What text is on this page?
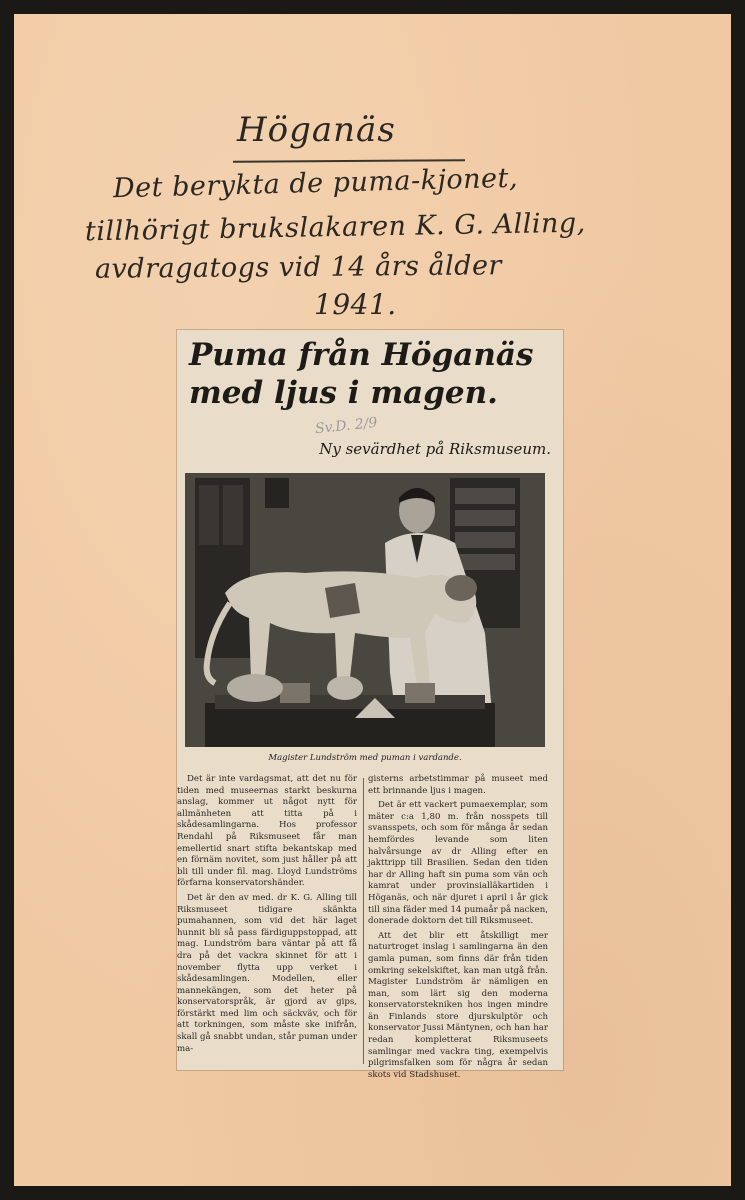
Höganäs
Det berykta de puma-kjonet,
tillhörigt brukslakaren K. G. Alling,
avdragatogs vid 14 års ålder
1941.
Puma från Höganäs med ljus i magen.
Sv.D. 2/9
Ny sevärdhet på Riksmuseum.
Magister Lundström med puman i vardande.

Det är inte vardagsmat, att det nu för tiden med museernas starkt beskurna anslag, kommer ut något nytt för allmänheten att titta på i skådesamlingarna. Hos professor Rendahl på Riksmuseet får man emellertid snart stifta bekantskap med en förnäm novitet, som just håller på att bli till under fil. mag. Lloyd Lundströms förfarna konservatorshänder.

Det är den av med. dr K. G. Alling till Riksmuseet tidigare skänkta pumahannen, som vid det här laget hunnit bli så pass färdiguppstoppad, att mag. Lundström bara väntar på att få dra på det vackra skinnet för att i november flytta upp verket i skådesamlingen. Modellen, eller mannekängen, som det heter på konservatorspråk, är gjord av gips, förstärkt med lim och säckväv, och för att torkningen, som måste ske inifrån, skall gå snabbt undan, står puman under ma-

gisterns arbetstimmar på museet med ett brinnande ljus i magen.

Det är ett vackert pumaexemplar, som mäter c:a 1,80 m. från nosspets till svansspets, och som för många år sedan hemfördes levande som liten halvårsunge av dr Alling efter en jakttripp till Brasilien. Sedan den tiden har dr Alling haft sin puma som vän och kamrat under provinsialläkartiden i Höganäs, och när djuret i april i år gick till sina fäder med 14 pumaår på nacken, donerade doktorn det till Riksmuseet.

Att det blir ett åtskilligt mer naturtroget inslag i samlingarna än den gamla puman, som finns där från tiden omkring sekelskiftet, kan man utgå från. Magister Lundström är nämligen en man, som lärt sig den moderna konservatorstekniken hos ingen mindre än Finlands store djurskulptör och konservator Jussi Mäntynen, och han har redan kompletterat Riksmuseets samlingar med vackra ting, exempelvis pilgrimsfalken som för några år sedan skots vid Stadshuset.
